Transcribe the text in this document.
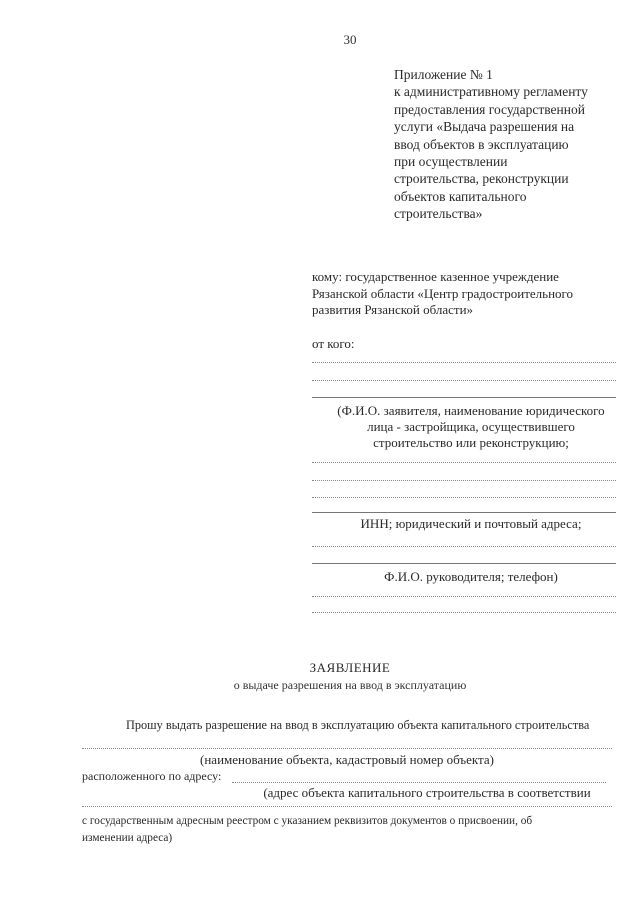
30
Приложение № 1
к административному регламенту
предоставления государственной
услуги «Выдача разрешения на
ввод объектов в эксплуатацию
при осуществлении
строительства, реконструкции
объектов капитального
строительства»
кому: государственное казенное учреждение
Рязанской области «Центр градостроительного
развития Рязанской области»
от кого:
(Ф.И.О. заявителя, наименование юридического
лица - застройщика, осуществившего
строительство или реконструкцию;
ИНН; юридический и почтовый адреса;
Ф.И.О. руководителя; телефон)
ЗАЯВЛЕНИЕ
о выдаче разрешения на ввод в эксплуатацию
Прошу выдать разрешение на ввод в эксплуатацию объекта капитального строительства
(наименование объекта, кадастровый номер объекта)
расположенного по адресу:
(адрес объекта капитального строительства в соответствии
с государственным адресным реестром с указанием реквизитов документов о присвоении, об
изменении адреса)
